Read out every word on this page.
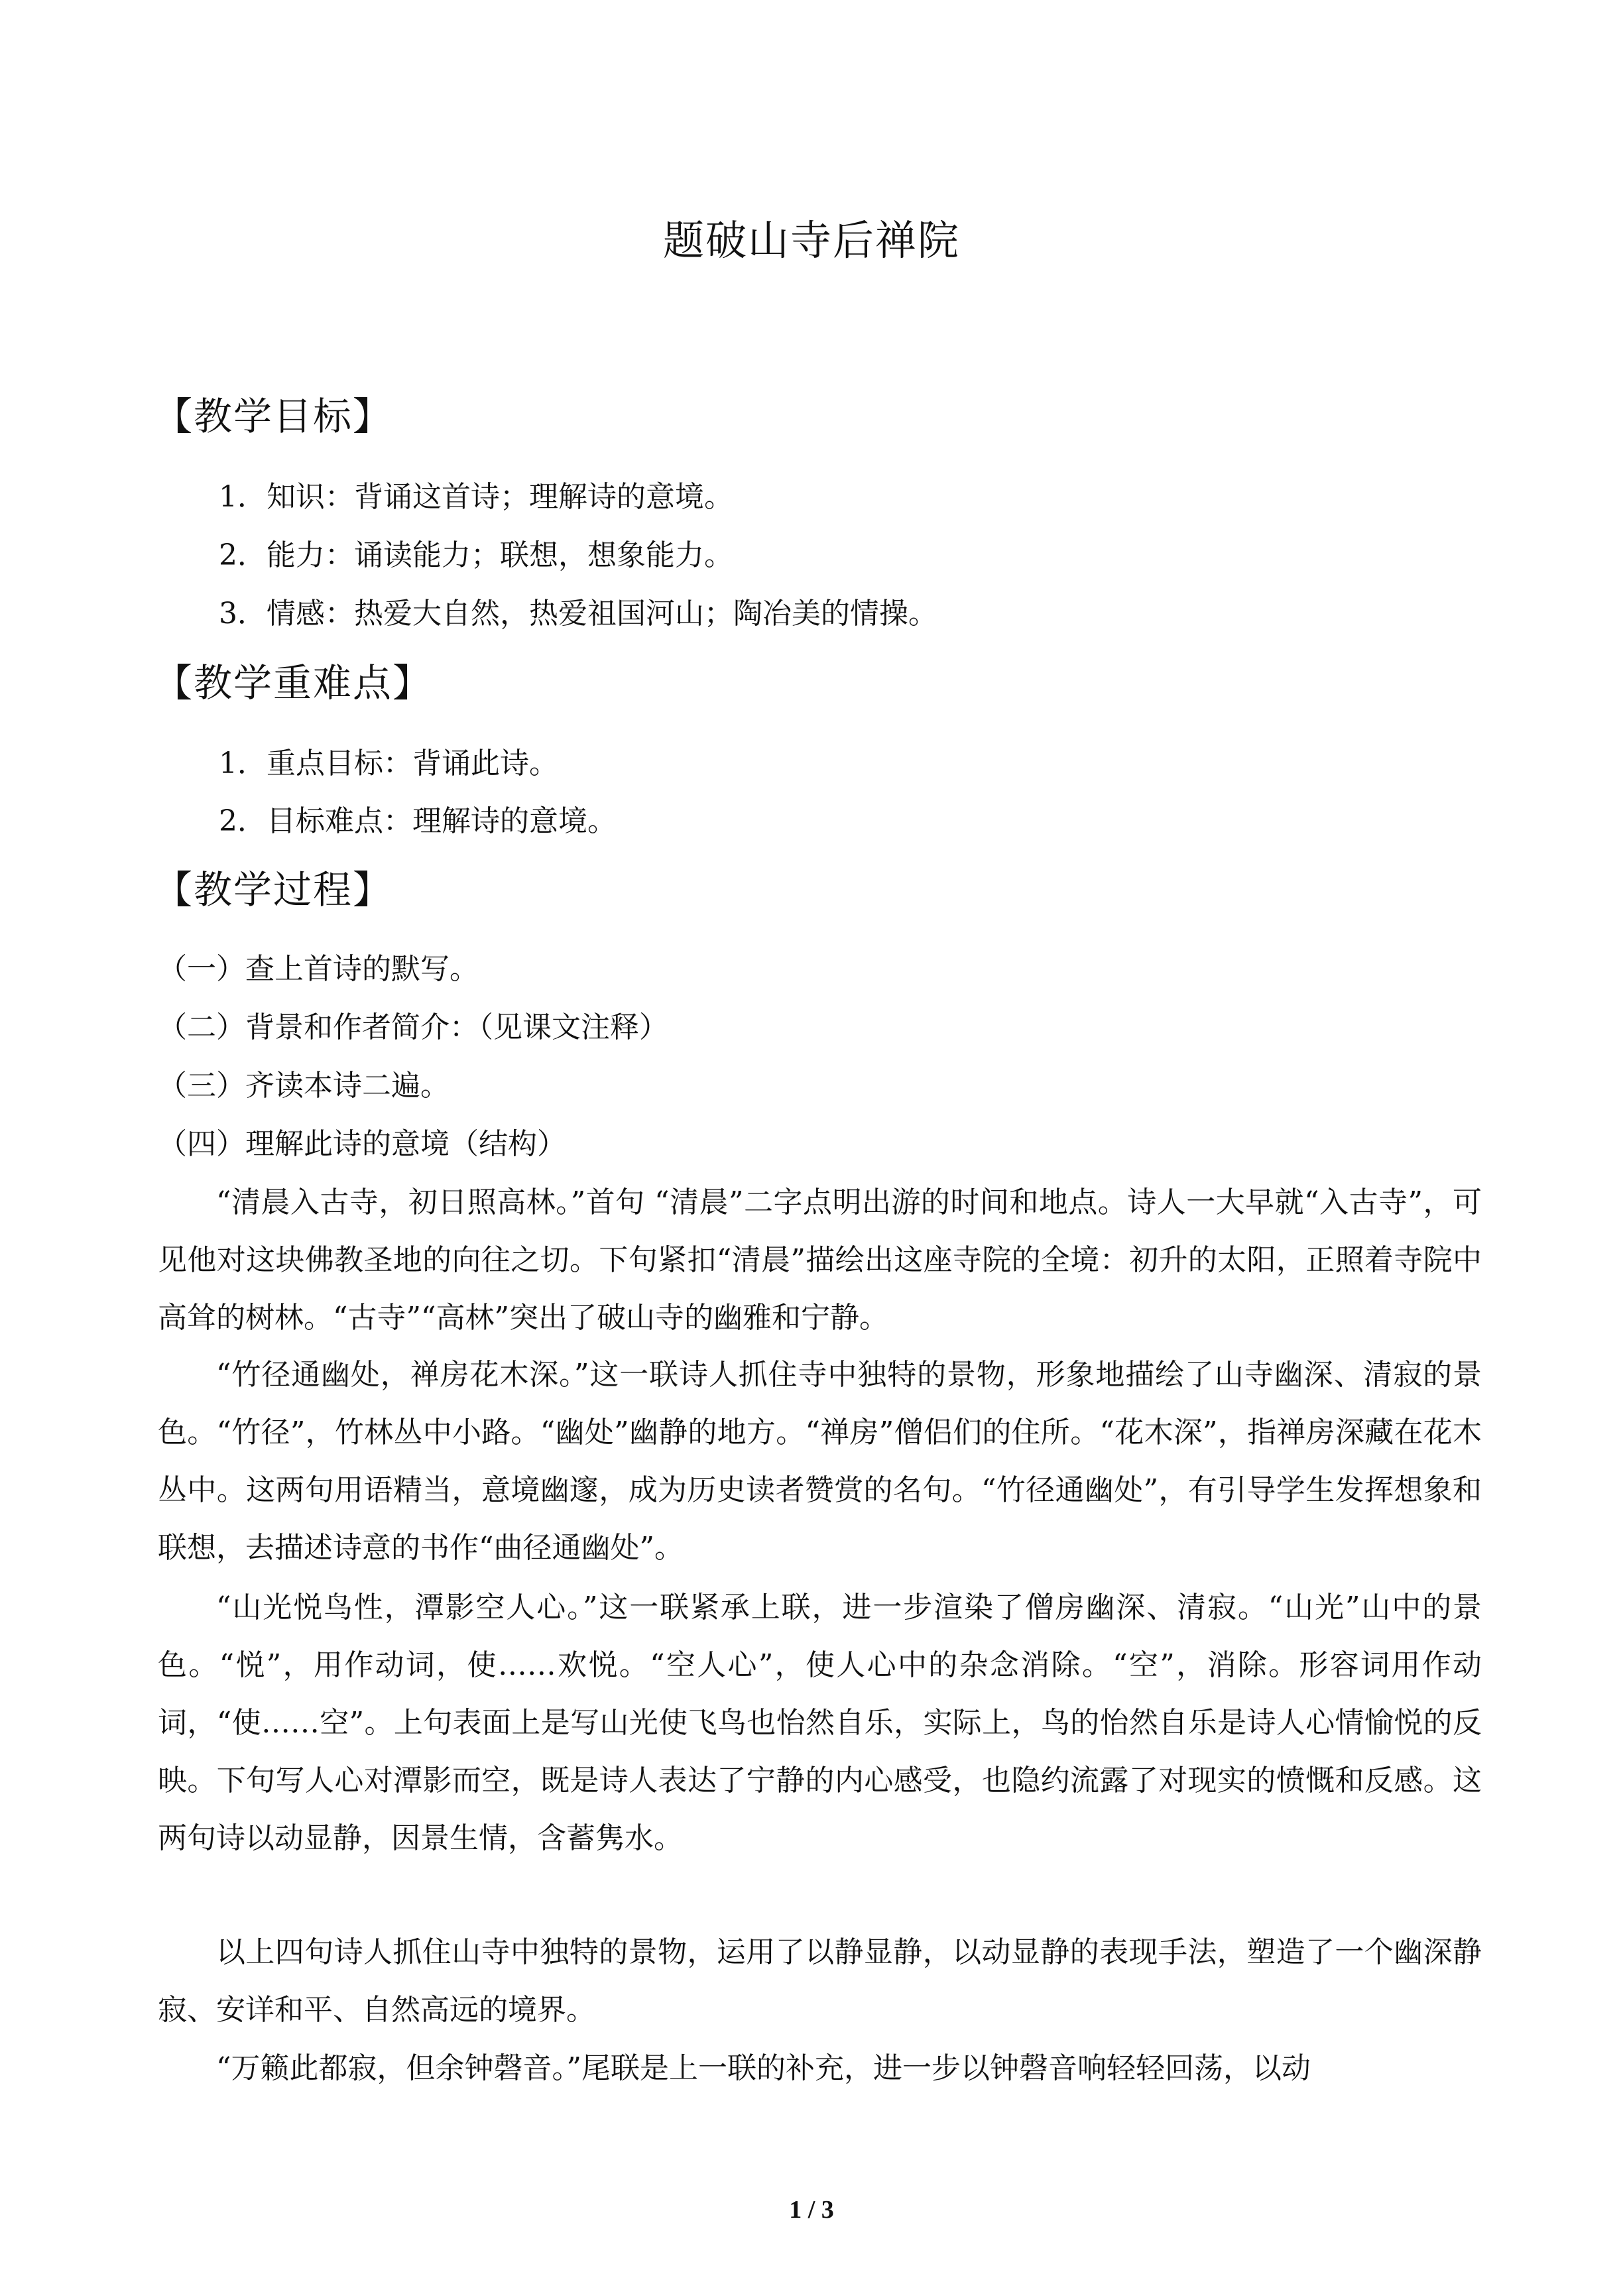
题破山寺后禅院
【教学目标】
1．知识：背诵这首诗；理解诗的意境。
2．能力：诵读能力；联想，想象能力。
3．情感：热爱大自然，热爱祖国河山；陶冶美的情操。
【教学重难点】
1．重点目标：背诵此诗。
2．目标难点：理解诗的意境。
【教学过程】
（一）查上首诗的默写。
（二）背景和作者简介：（见课文注释）
（三）齐读本诗二遍。
（四）理解此诗的意境（结构）
“清晨入古寺，初日照高林。”首句 “清晨”二字点明出游的时间和地点。诗人一大早就“入古寺”，可见他对这块佛教圣地的向往之切。下句紧扣“清晨”描绘出这座寺院的全境：初升的太阳，正照着寺院中高耸的树林。“古寺”“高林”突出了破山寺的幽雅和宁静。
“竹径通幽处，禅房花木深。”这一联诗人抓住寺中独特的景物，形象地描绘了山寺幽深、清寂的景色。“竹径”，竹林丛中小路。“幽处”幽静的地方。“禅房”僧侣们的住所。“花木深”，指禅房深藏在花木丛中。这两句用语精当，意境幽邃，成为历史读者赞赏的名句。“竹径通幽处”，有引导学生发挥想象和联想，去描述诗意的书作“曲径通幽处”。
“山光悦鸟性，潭影空人心。”这一联紧承上联，进一步渲染了僧房幽深、清寂。“山光”山中的景色。“悦”，用作动词，使……欢悦。“空人心”，使人心中的杂念消除。“空”，消除。形容词用作动词，“使……空”。上句表面上是写山光使飞鸟也怡然自乐，实际上，鸟的怡然自乐是诗人心情愉悦的反映。下句写人心对潭影而空，既是诗人表达了宁静的内心感受，也隐约流露了对现实的愤慨和反感。这两句诗以动显静，因景生情，含蓄隽水。
以上四句诗人抓住山寺中独特的景物，运用了以静显静，以动显静的表现手法，塑造了一个幽深静寂、安详和平、自然高远的境界。
“万籁此都寂，但余钟磬音。”尾联是上一联的补充，进一步以钟磬音响轻轻回荡，以动
1 / 3
